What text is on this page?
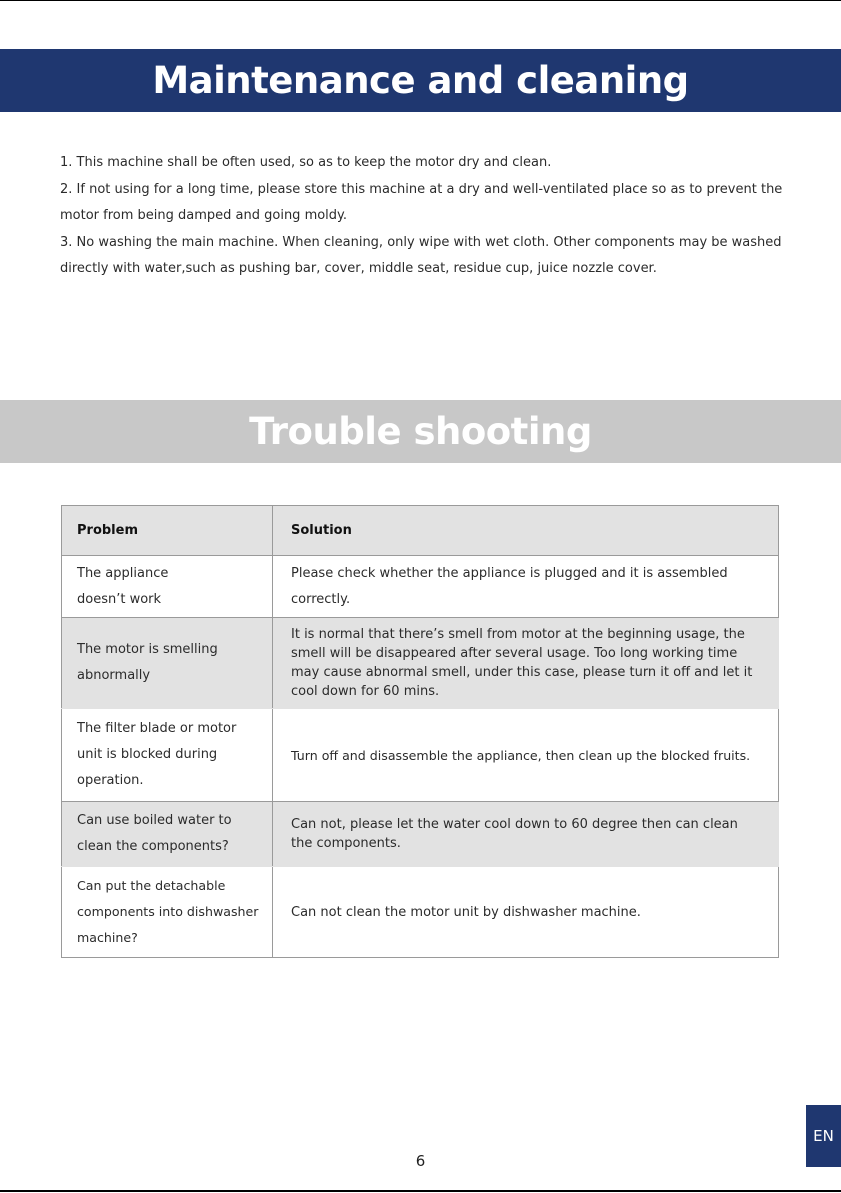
Maintenance and cleaning

1. This machine shall be often used, so as to keep the motor dry and clean.

2. If not using for a long time, please store this machine at a dry and well-ventilated place so as to prevent the motor from being damped and going moldy.

3. No washing the main machine. When cleaning, only wipe with wet cloth. Other components may be washed directly with water,such as pushing bar, cover, middle seat, residue cup, juice nozzle cover.

Trouble shooting
Problem	Solution
The appliance doesn’t work	Please check whether the appliance is plugged and it is assembled correctly.
The motor is smelling abnormally	It is normal that there’s smell from motor at the beginning usage, the smell will be disappeared after several usage. Too long working time may cause abnormal smell, under this case, please turn it off and let it cool down for 60 mins.
The filter blade or motor unit is blocked during operation.	Turn off and disassemble the appliance, then clean up the blocked fruits.
Can use boiled water to clean the components?	Can not, please let the water cool down to 60 degree then can clean the components.
Can put the detachable components into dishwasher machine?	Can not clean the motor unit by dishwasher machine.
EN
6
